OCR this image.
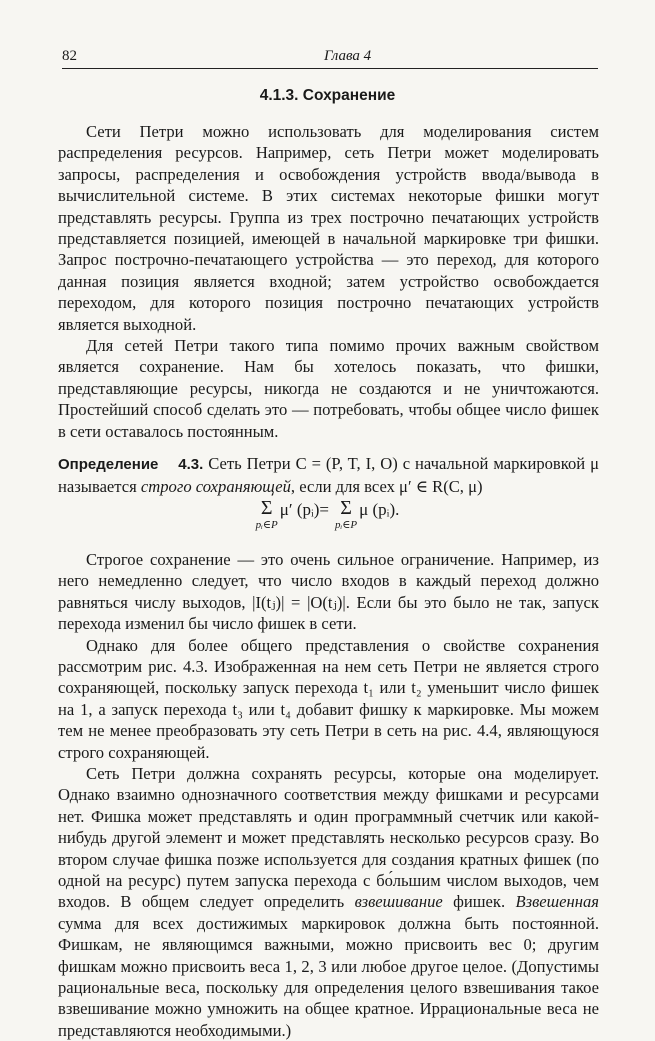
82	Глава 4
4.1.3. Сохранение

Сети Петри можно использовать для моделирования систем распределения ресурсов. Например, сеть Петри может моделировать запросы, распределения и освобождения устройств ввода/вывода в вычислительной системе. В этих системах некоторые фишки могут представлять ресурсы. Группа из трех построчно печатающих устройств представляется позицией, имеющей в начальной маркировке три фишки. Запрос построчно-печатающего устройства — это переход, для которого данная позиция является входной; затем устройство освобождается переходом, для которого позиция построчно печатающих устройств является выходной.

Для сетей Петри такого типа помимо прочих важным свойством является сохранение. Нам бы хотелось показать, что фишки, представляющие ресурсы, никогда не создаются и не уничтожаются. Простейший способ сделать это — потребовать, чтобы общее число фишек в сети оставалось постоянным.

Определение 4.3. Сеть Петри C = (P, T, I, O) с начальной маркировкой μ называется строго сохраняющей, если для всех μ′ ∈ R(C, μ)

Σ
pᵢ∈P
μ′ (pᵢ)= Σ
pᵢ∈P
μ (pᵢ).

Строгое сохранение — это очень сильное ограничение. Например, из него немедленно следует, что число входов в каждый переход должно равняться числу выходов, |I(tⱼ)| = |O(tⱼ)|. Если бы это было не так, запуск перехода изменил бы число фишек в сети.

Однако для более общего представления о свойстве сохранения рассмотрим рис. 4.3. Изображенная на нем сеть Петри не является строго сохраняющей, поскольку запуск перехода t₁ или t₂ уменьшит число фишек на 1, а запуск перехода t₃ или t₄ добавит фишку к маркировке. Мы можем тем не менее преобразовать эту сеть Петри в сеть на рис. 4.4, являющуюся строго сохраняющей.

Сеть Петри должна сохранять ресурсы, которые она моделирует. Однако взаимно однозначного соответствия между фишками и ресурсами нет. Фишка может представлять и один программный счетчик или какой-нибудь другой элемент и может представлять несколько ресурсов сразу. Во втором случае фишка позже используется для создания кратных фишек (по одной на ресурс) путем запуска перехода с бо́льшим числом выходов, чем входов. В общем следует определить взвешивание фишек. Взвешенная сумма для всех достижимых маркировок должна быть постоянной. Фишкам, не являющимся важными, можно присвоить вес 0; другим фишкам можно присвоить веса 1, 2, 3 или любое другое целое. (Допустимы рациональные веса, поскольку для определения целого взвешивания такое взвешивание можно умножить на общее кратное. Иррациональные веса не представляются необходимыми.)
